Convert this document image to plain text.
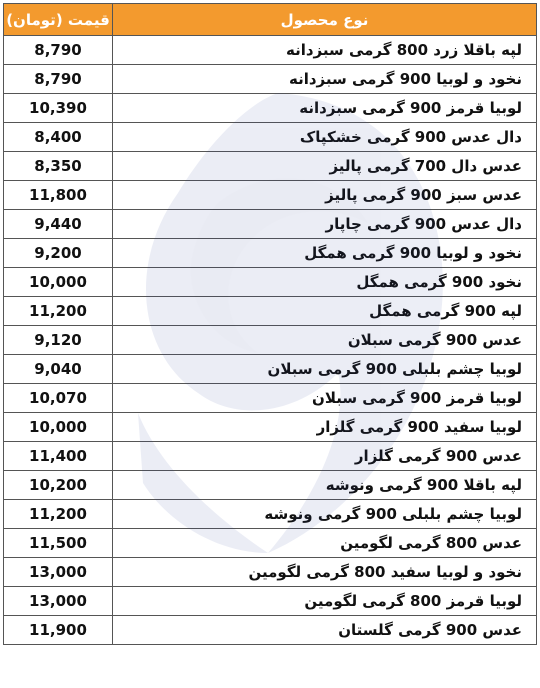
قیمت (تومان)	نوع محصول
8,790	لپه باقلا زرد 800 گرمی سبزدانه
8,790	نخود و لوبیا 900 گرمی سبزدانه
10,390	لوبیا قرمز 900 گرمی سبزدانه
8,400	دال عدس 900 گرمی خشکپاک
8,350	عدس دال 700 گرمی پالیز
11,800	عدس سبز 900 گرمی پالیز
9,440	دال عدس 900 گرمی چاپار
9,200	نخود و لوبیا 900 گرمی همگل
10,000	نخود 900 گرمی همگل
11,200	لپه 900 گرمی همگل
9,120	عدس 900 گرمی سبلان
9,040	لوبیا چشم بلبلی 900 گرمی سبلان
10,070	لوبیا قرمز 900 گرمی سبلان
10,000	لوبیا سفید 900 گرمی گلزار
11,400	عدس 900 گرمی گلزار
10,200	لپه باقلا 900 گرمی ونوشه
11,200	لوبیا چشم بلبلی 900 گرمی ونوشه
11,500	عدس 800 گرمی لگومین
13,000	نخود و لوبیا سفید 800 گرمی لگومین
13,000	لوبیا قرمز 800 گرمی لگومین
11,900	عدس 900 گرمی گلستان
